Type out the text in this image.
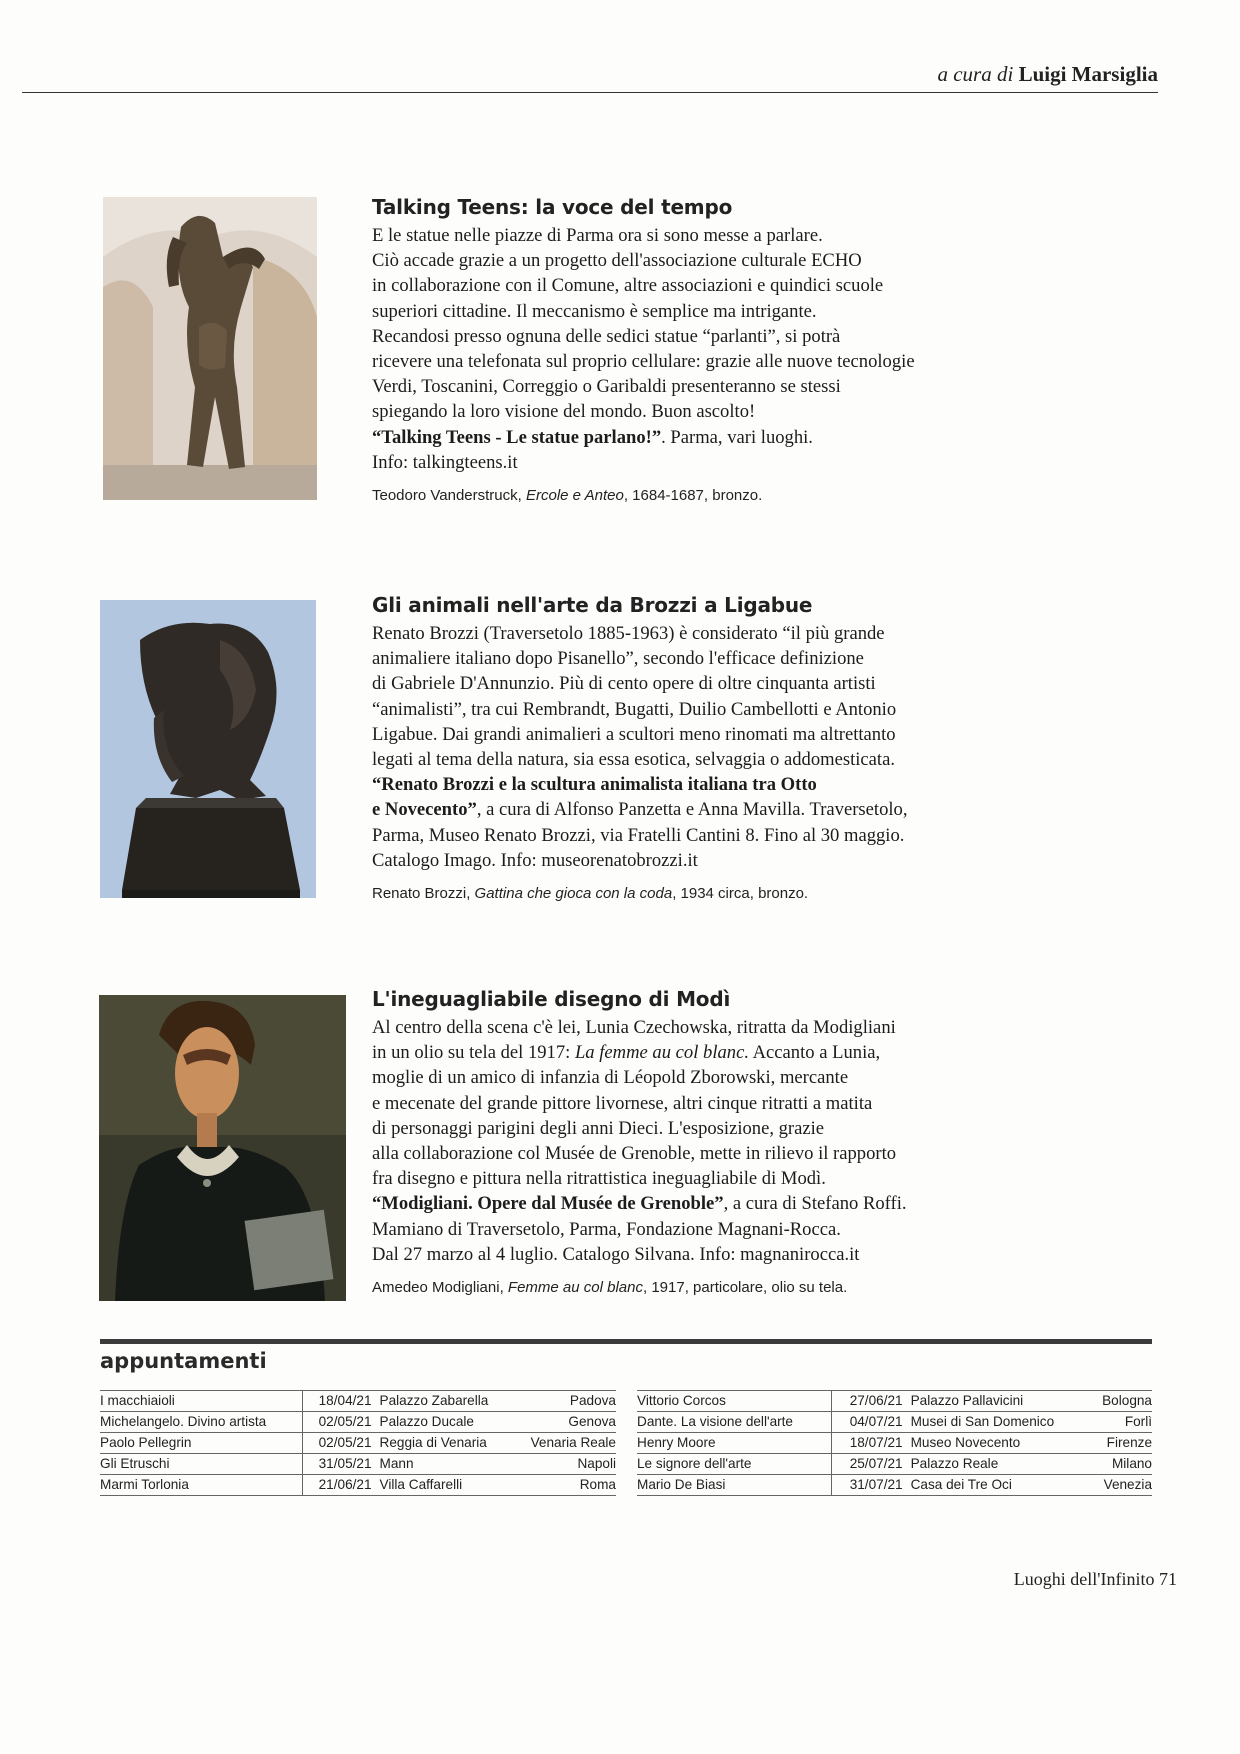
a cura di Luigi Marsiglia
Talking Teens: la voce del tempo

E le statue nelle piazze di Parma ora si sono messe a parlare.

Ciò accade grazie a un progetto dell'associazione culturale ECHO

in collaborazione con il Comune, altre associazioni e quindici scuole

superiori cittadine. Il meccanismo è semplice ma intrigante.

Recandosi presso ognuna delle sedici statue “parlanti”, si potrà

ricevere una telefonata sul proprio cellulare: grazie alle nuove tecnologie

Verdi, Toscanini, Correggio o Garibaldi presenteranno se stessi

spiegando la loro visione del mondo. Buon ascolto!

“Talking Teens - Le statue parlano!”. Parma, vari luoghi.

Info: talkingteens.it

Teodoro Vanderstruck, Ercole e Anteo, 1684-1687, bronzo.
Gli animali nell'arte da Brozzi a Ligabue

Renato Brozzi (Traversetolo 1885-1963) è considerato “il più grande

animaliere italiano dopo Pisanello”, secondo l'efficace definizione

di Gabriele D'Annunzio. Più di cento opere di oltre cinquanta artisti

“animalisti”, tra cui Rembrandt, Bugatti, Duilio Cambellotti e Antonio

Ligabue. Dai grandi animalieri a scultori meno rinomati ma altrettanto

legati al tema della natura, sia essa esotica, selvaggia o addomesticata.

“Renato Brozzi e la scultura animalista italiana tra Otto

e Novecento”, a cura di Alfonso Panzetta e Anna Mavilla. Traversetolo,

Parma, Museo Renato Brozzi, via Fratelli Cantini 8. Fino al 30 maggio.

Catalogo Imago. Info: museorenatobrozzi.it

Renato Brozzi, Gattina che gioca con la coda, 1934 circa, bronzo.
L'ineguagliabile disegno di Modì

Al centro della scena c'è lei, Lunia Czechowska, ritratta da Modigliani

in un olio su tela del 1917: La femme au col blanc. Accanto a Lunia,

moglie di un amico di infanzia di Léopold Zborowski, mercante

e mecenate del grande pittore livornese, altri cinque ritratti a matita

di personaggi parigini degli anni Dieci. L'esposizione, grazie

alla collaborazione col Musée de Grenoble, mette in rilievo il rapporto

fra disegno e pittura nella ritrattistica ineguagliabile di Modì.

“Modigliani. Opere dal Musée de Grenoble”, a cura di Stefano Roffi.

Mamiano di Traversetolo, Parma, Fondazione Magnani-Rocca.

Dal 27 marzo al 4 luglio. Catalogo Silvana. Info: magnanirocca.it

Amedeo Modigliani, Femme au col blanc, 1917, particolare, olio su tela.
appuntamenti
I macchiaioli	18/04/21	Palazzo Zabarella	Padova
Michelangelo. Divino artista	02/05/21	Palazzo Ducale	Genova
Paolo Pellegrin	02/05/21	Reggia di Venaria	Venaria Reale
Gli Etruschi	31/05/21	Mann	Napoli
Marmi Torlonia	21/06/21	Villa Caffarelli	Roma
Vittorio Corcos	27/06/21	Palazzo Pallavicini	Bologna
Dante. La visione dell'arte	04/07/21	Musei di San Domenico	Forlì
Henry Moore	18/07/21	Museo Novecento	Firenze
Le signore dell'arte	25/07/21	Palazzo Reale	Milano
Mario De Biasi	31/07/21	Casa dei Tre Oci	Venezia
Luoghi dell'Infinito 71
